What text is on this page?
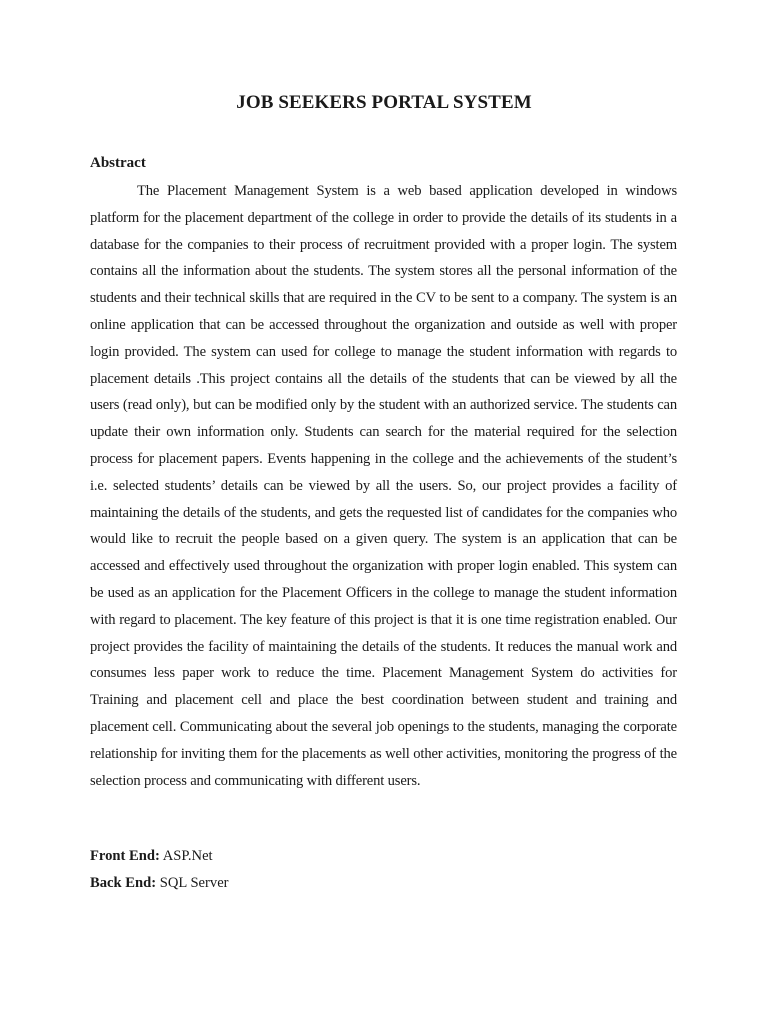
JOB SEEKERS PORTAL SYSTEM
Abstract

The Placement Management System is a web based application developed in windows platform for the placement department of the college in order to provide the details of its students in a database for the companies to their process of recruitment provided with a proper login. The system contains all the information about the students. The system stores all the personal information of the students and their technical skills that are required in the CV to be sent to a company. The system is an online application that can be accessed throughout the organization and outside as well with proper login provided. The system can used for college to manage the student information with regards to placement details .This project contains all the details of the students that can be viewed by all the users (read only), but can be modified only by the student with an authorized service. The students can update their own information only. Students can search for the material required for the selection process for placement papers. Events happening in the college and the achievements of the student’s i.e. selected students’ details can be viewed by all the users. So, our project provides a facility of maintaining the details of the students, and gets the requested list of candidates for the companies who would like to recruit the people based on a given query. The system is an application that can be accessed and effectively used throughout the organization with proper login enabled. This system can be used as an application for the Placement Officers in the college to manage the student information with regard to placement. The key feature of this project is that it is one time registration enabled. Our project provides the facility of maintaining the details of the students. It reduces the manual work and consumes less paper work to reduce the time. Placement Management System do activities for Training and placement cell and place the best coordination between student and training and placement cell. Communicating about the several job openings to the students, managing the corporate relationship for inviting them for the placements as well other activities, monitoring the progress of the selection process and communicating with different users.

Front End: ASP.Net

Back End: SQL Server
